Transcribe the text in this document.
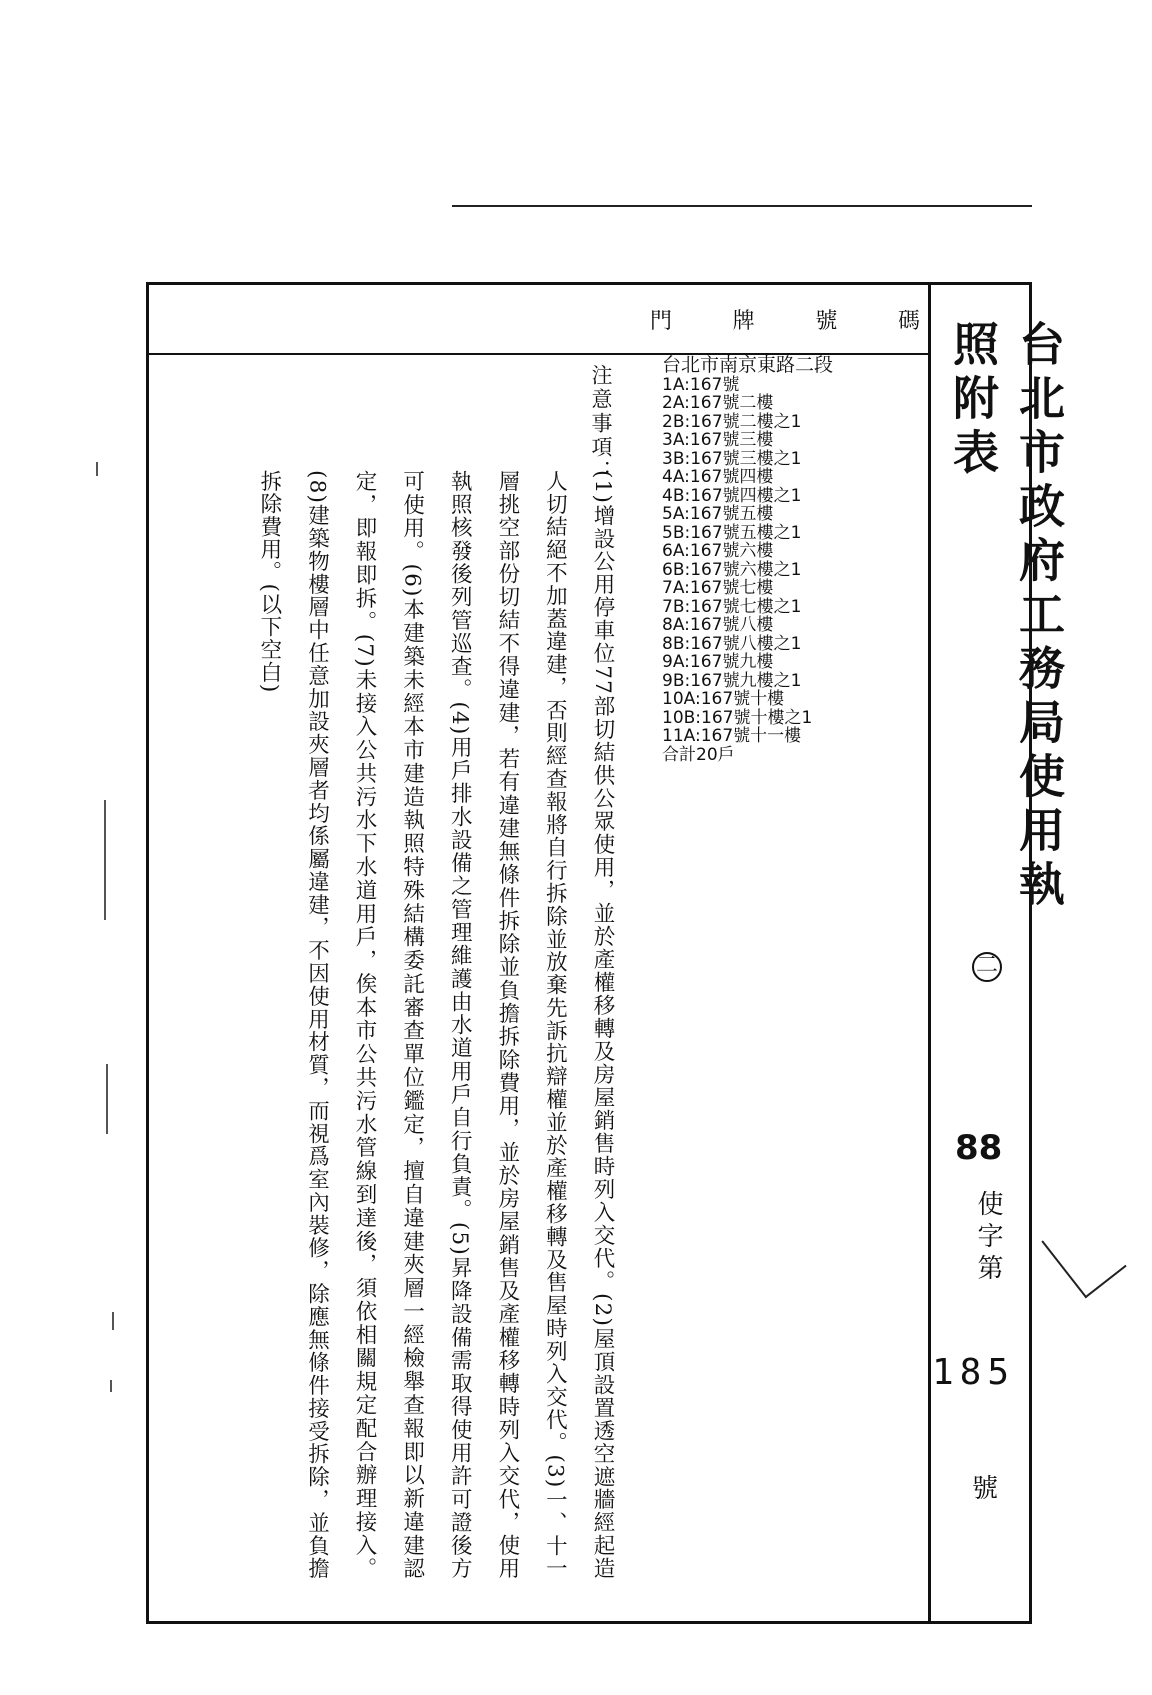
門	牌	號	碼	台北市政府工務局使用執照附表
二
88
使字第
185
號
台北市南京東路二段
1A:167號
2A:167號二樓
2B:167號二樓之1
3A:167號三樓
3B:167號三樓之1
4A:167號四樓
4B:167號四樓之1
5A:167號五樓
5B:167號五樓之1
6A:167號六樓
6B:167號六樓之1
7A:167號七樓
7B:167號七樓之1
8A:167號八樓
8B:167號八樓之1
9A:167號九樓
9B:167號九樓之1
10A:167號十樓
10B:167號十樓之1
11A:167號十一樓
合計20戶
注意事項：
(1)增設公用停車位77部切結供公眾使用，並於產權移轉及房屋銷售時列入交代。(2)屋頂設置透空遮牆經起造人切結絕不加蓋違建，否則經查報將自行拆除並放棄先訴抗辯權並於產權移轉及售屋時列入交代。(3)一、十一層挑空部份切結不得違建，若有違建無條件拆除並負擔拆除費用，並於房屋銷售及產權移轉時列入交代，使用執照核發後列管巡查。(4)用戶排水設備之管理維護由水道用戶自行負責。(5)昇降設備需取得使用許可證後方可使用。(6)本建築未經本市建造執照特殊結構委託審查單位鑑定，擅自違建夾層一經檢舉查報即以新違建認定，即報即拆。(7)未接入公共污水下水道用戶，俟本市公共污水管線到達後，須依相關規定配合辦理接入。(8)建築物樓層中任意加設夾層者均係屬違建，不因使用材質，而視爲室內裝修，除應無條件接受拆除，並負擔拆除費用。(以下空白)
